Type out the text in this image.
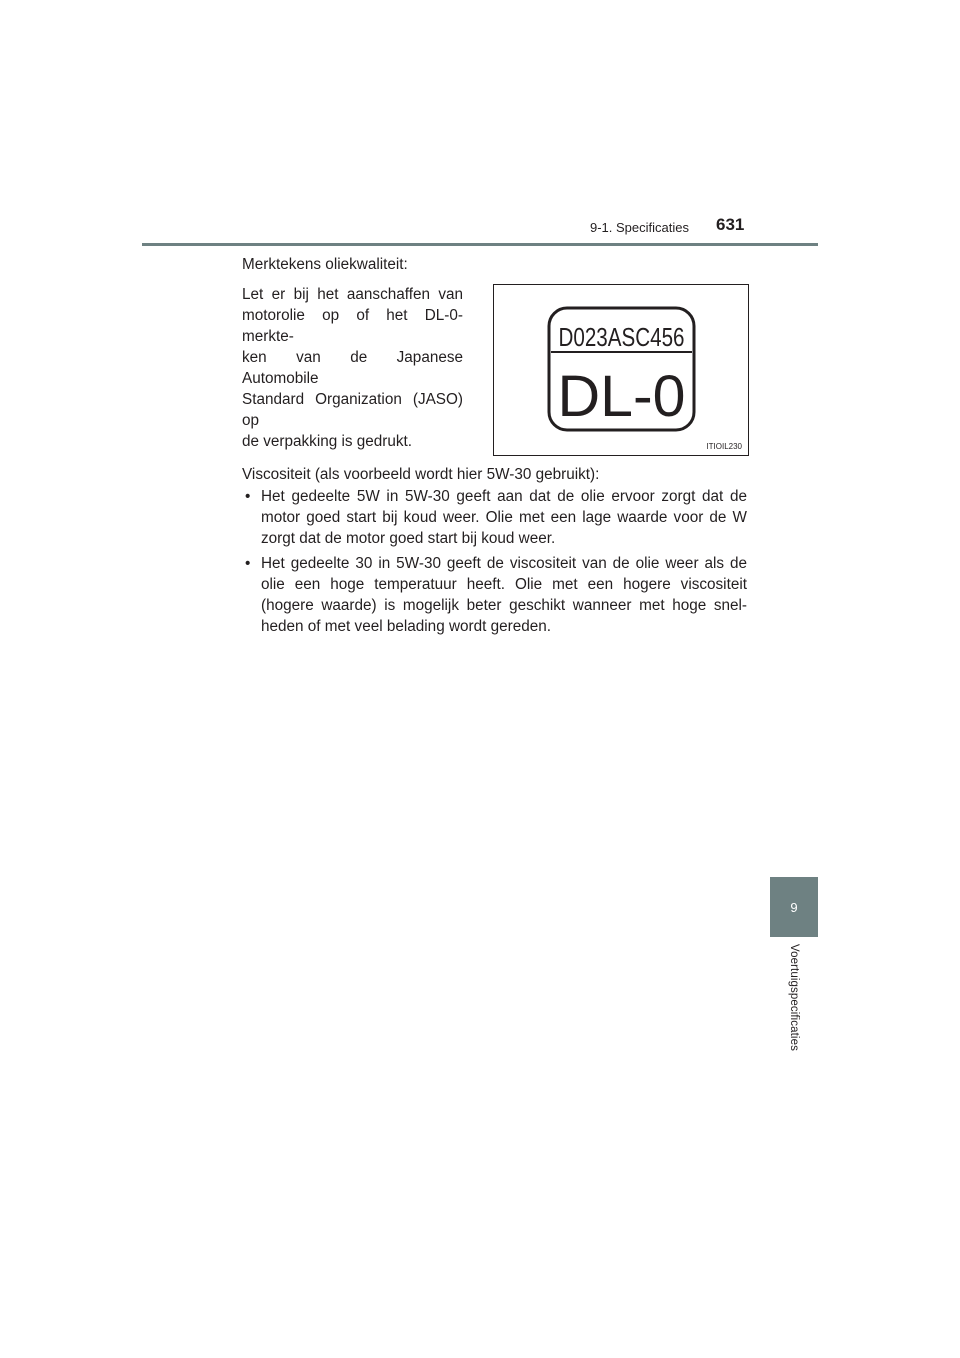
9-1. Specificaties 631

Merktekens oliekwaliteit:

Let er bij het aanschaffen van
motorolie op of het DL-0-merkte-
ken van de Japanese Automobile
Standard Organization (JASO) op
de verpakking is gedrukt.

D023ASC456
DL-0
ITIOIL230

Viscositeit (als voorbeeld wordt hier 5W-30 gebruikt):

• Het gedeelte 5W in 5W-30 geeft aan dat de olie ervoor zorgt dat de
motor goed start bij koud weer. Olie met een lage waarde voor de W
zorgt dat de motor goed start bij koud weer.
• Het gedeelte 30 in 5W-30 geeft de viscositeit van de olie weer als de
olie een hoge temperatuur heeft. Olie met een hogere viscositeit
(hogere waarde) is mogelijk beter geschikt wanneer met hoge snel-
heden of met veel belading wordt gereden.
9
Voertuigspecificaties
